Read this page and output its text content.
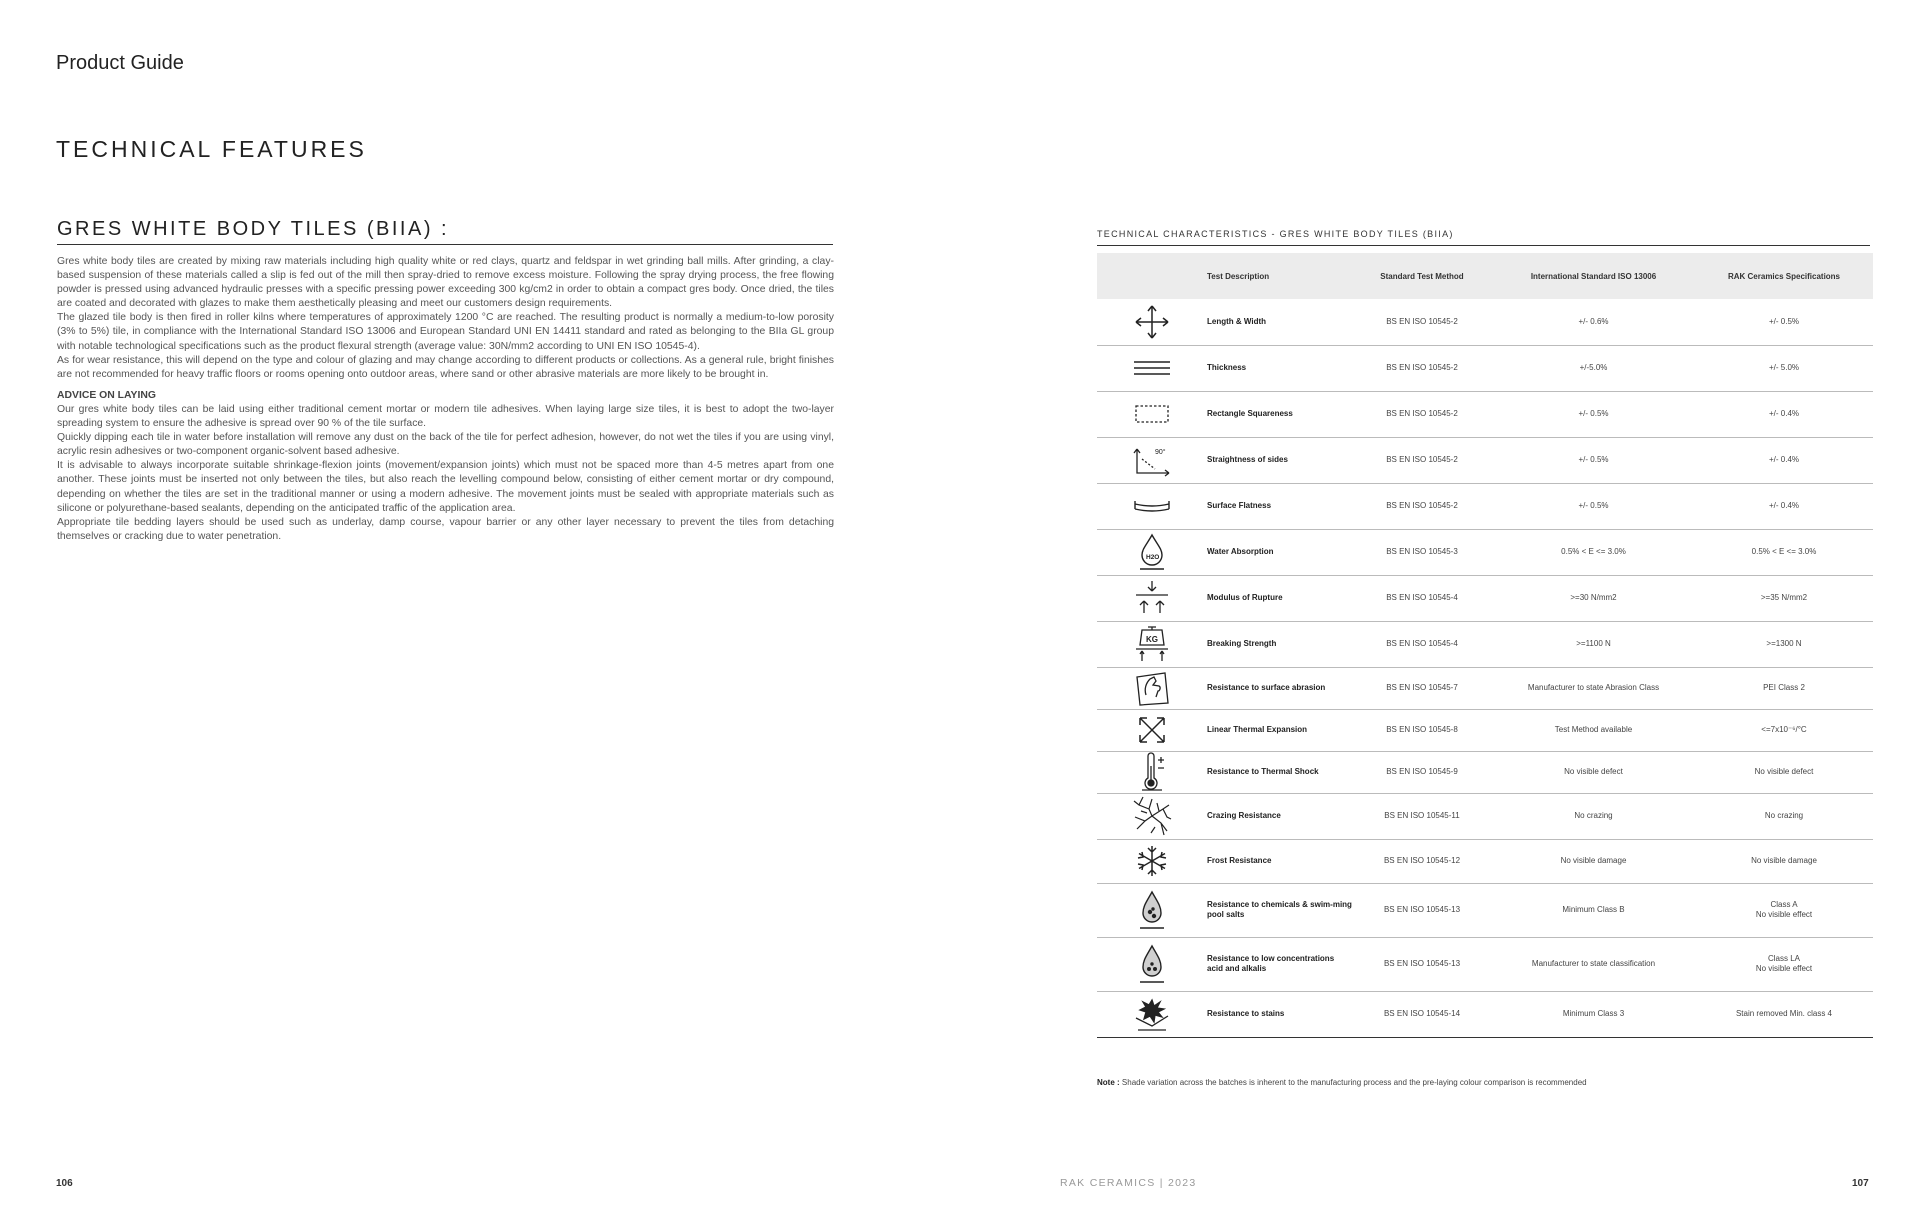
Product Guide
TECHNICAL FEATURES
GRES WHITE BODY TILES (BIIA) :

Gres white body tiles are created by mixing raw materials including high quality white or red clays, quartz and feldspar in wet grinding ball mills. After grinding, a clay-based suspension of these materials called a slip is fed out of the mill then spray-dried to remove excess moisture. Following the spray drying process, the free flowing powder is pressed using advanced hydraulic presses with a specific pressing power exceeding 300 kg/cm2 in order to obtain a compact gres body. Once dried, the tiles are coated and decorated with glazes to make them aesthetically pleasing and meet our customers design requirements.

The glazed tile body is then fired in roller kilns where temperatures of approximately 1200 °C are reached. The resulting product is normally a medium-to-low porosity (3% to 5%) tile, in compliance with the International Standard ISO 13006 and European Standard UNI EN 14411 standard and rated as belonging to the BIIa GL group with notable technological specifications such as the product flexural strength (average value: 30N/mm2 according to UNI EN ISO 10545-4).

As for wear resistance, this will depend on the type and colour of glazing and may change according to different products or collections. As a general rule, bright finishes are not recommended for heavy traffic floors or rooms opening onto outdoor areas, where sand or other abrasive materials are more likely to be brought in.

ADVICE ON LAYING

Our gres white body tiles can be laid using either traditional cement mortar or modern tile adhesives. When laying large size tiles, it is best to adopt the two-layer spreading system to ensure the adhesive is spread over 90 % of the tile surface.

Quickly dipping each tile in water before installation will remove any dust on the back of the tile for perfect adhesion, however, do not wet the tiles if you are using vinyl, acrylic resin adhesives or two-component organic-solvent based adhesive.

It is advisable to always incorporate suitable shrinkage-flexion joints (movement/expansion joints) which must not be spaced more than 4-5 metres apart from one another. These joints must be inserted not only between the tiles, but also reach the levelling compound below, consisting of either cement mortar or dry compound, depending on whether the tiles are set in the traditional manner or using a modern adhesive. The movement joints must be sealed with appropriate materials such as silicone or polyurethane-based sealants, depending on the anticipated traffic of the application area.

Appropriate tile bedding layers should be used such as underlay, damp course, vapour barrier or any other layer necessary to prevent the tiles from detaching themselves or cracking due to water penetration.

TECHNICAL CHARACTERISTICS - GRES WHITE BODY TILES (BIIA)
	Test Description	Standard Test Method	International Standard ISO 13006	RAK Ceramics Specifications

	Length & Width	BS EN ISO 10545-2	+/- 0.6%	+/- 0.5%

	Thickness	BS EN ISO 10545-2	+/-5.0%	+/- 5.0%

	Rectangle Squareness	BS EN ISO 10545-2	+/- 0.5%	+/- 0.4%

90°	Straightness of sides	BS EN ISO 10545-2	+/- 0.5%	+/- 0.4%

	Surface Flatness	BS EN ISO 10545-2	+/- 0.5%	+/- 0.4%

H2O	Water Absorption	BS EN ISO 10545-3	0.5% < E <= 3.0%	0.5% < E <= 3.0%

	Modulus of Rupture	BS EN ISO 10545-4	>=30 N/mm2	>=35 N/mm2

KG	Breaking Strength	BS EN ISO 10545-4	>=1100 N	>=1300 N

	Resistance to surface abrasion	BS EN ISO 10545-7	Manufacturer to state Abrasion Class	PEI Class 2

	Linear Thermal Expansion	BS EN ISO 10545-8	Test Method available	<=7x10⁻⁶/°C

	Resistance to Thermal Shock	BS EN ISO 10545-9	No visible defect	No visible defect

	Crazing Resistance	BS EN ISO 10545-11	No crazing	No crazing

	Frost Resistance	BS EN ISO 10545-12	No visible damage	No visible damage

	Resistance to chemicals & swim-ming pool salts	BS EN ISO 10545-13	Minimum Class B	Class A
No visible effect

	Resistance to low concentrations acid and alkalis	BS EN ISO 10545-13	Manufacturer to state classification	Class LA
No visible effect

	Resistance to stains	BS EN ISO 10545-14	Minimum Class 3	Stain removed Min. class 4
Note : Shade variation across the batches is inherent to the manufacturing process and the pre-laying colour comparison is recommended
106	RAK CERAMICS | 2023	107
